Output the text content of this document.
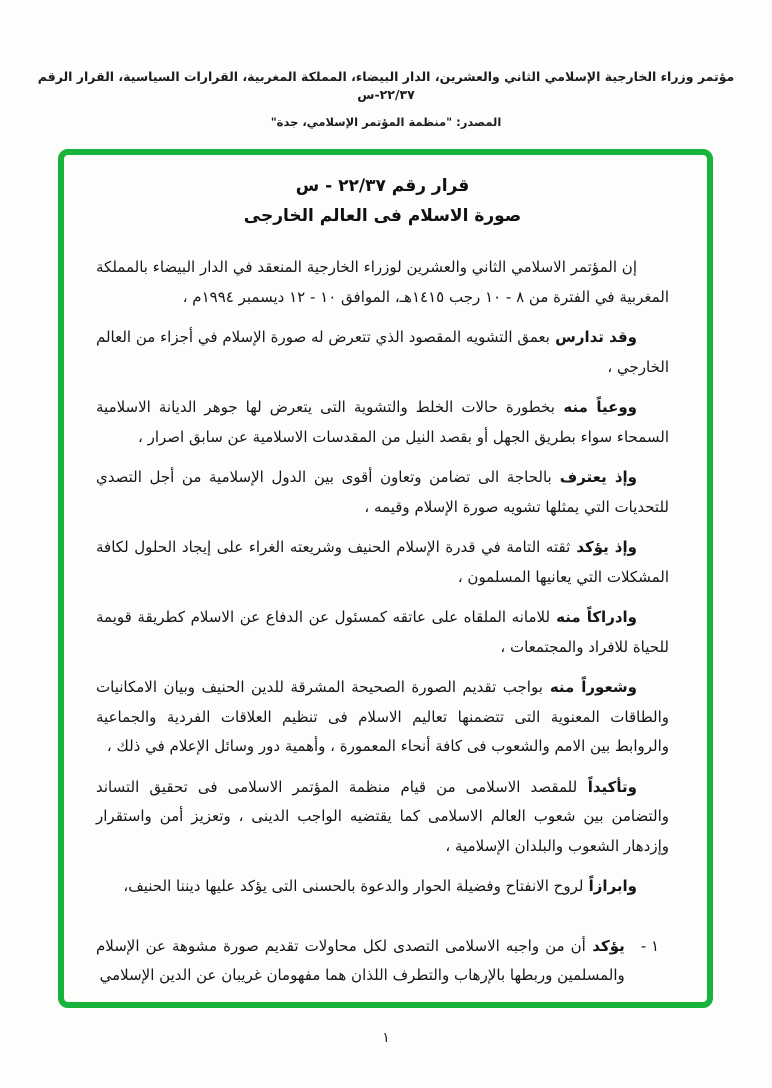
مؤتمر وزراء الخارجية الإسلامي الثاني والعشرين، الدار البيضاء، المملكة المغربية، القرارات السياسية، القرار الرقم ٢٢/٣٧-س
المصدر: "منظمة المؤتمر الإسلامي، جدة"
قرار رقم ٢٢/٣٧ - س
صورة الاسلام فى العالم الخارجى
إن المؤتمر الاسلامي الثاني والعشرين لوزراء الخارجية المنعقد في الدار البيضاء بالمملكة المغربية في الفترة من ٨ - ١٠ رجب ١٤١٥هـ، الموافق ١٠ - ١٢ ديسمبر ١٩٩٤م ،
وقد تدارس بعمق التشويه المقصود الذي تتعرض له صورة الإسلام في أجزاء من العالم الخارجي ،
ووعياً منه بخطورة حالات الخلط والتشوية التى يتعرض لها جوهر الديانة الاسلامية السمحاء سواء بطريق الجهل أو بقصد النيل من المقدسات الاسلامية عن سابق اصرار ،
وإذ يعترف بالحاجة الى تضامن وتعاون أقوى بين الدول الإسلامية من أجل التصدي للتحديات التي يمثلها تشويه صورة الإسلام وقيمه ،
وإذ يؤكد ثقته التامة في قدرة الإسلام الحنيف وشريعته الغراء على إيجاد الحلول لكافة المشكلات التي يعانيها المسلمون ،
وادراكاً منه للامانه الملقاه على عاتقه كمسئول عن الدفاع عن الاسلام كطريقة قويمة للحياة للافراد والمجتمعات ،
وشعوراً منه بواجب تقديم الصورة الصحيحة المشرقة للدين الحنيف وبيان الامكانيات والطاقات المعنوية التى تتضمنها تعاليم الاسلام فى تنظيم العلاقات الفردية والجماعية والروابط بين الامم والشعوب فى كافة أنحاء المعمورة ، وأهمية دور وسائل الإعلام في ذلك ،
وتأكيداً للمقصد الاسلامى من قيام منظمة المؤتمر الاسلامى فى تحقيق التساند والتضامن بين شعوب العالم الاسلامى كما يقتضيه الواجب الدينى ، وتعزيز أمن واستقرار وإزدهار الشعوب والبلدان الإسلامية ،
وابرازاً لروح الانفتاح وفضيلة الحوار والدعوة بالحسنى التى يؤكد عليها ديننا الحنيف،
١ -
يؤكد أن من واجبه الاسلامى التصدى لكل محاولات تقديم صورة مشوهة عن الإسلام والمسلمين وربطها بالإرهاب والتطرف اللذان هما مفهومان غريبان عن الدين الإسلامي
١
